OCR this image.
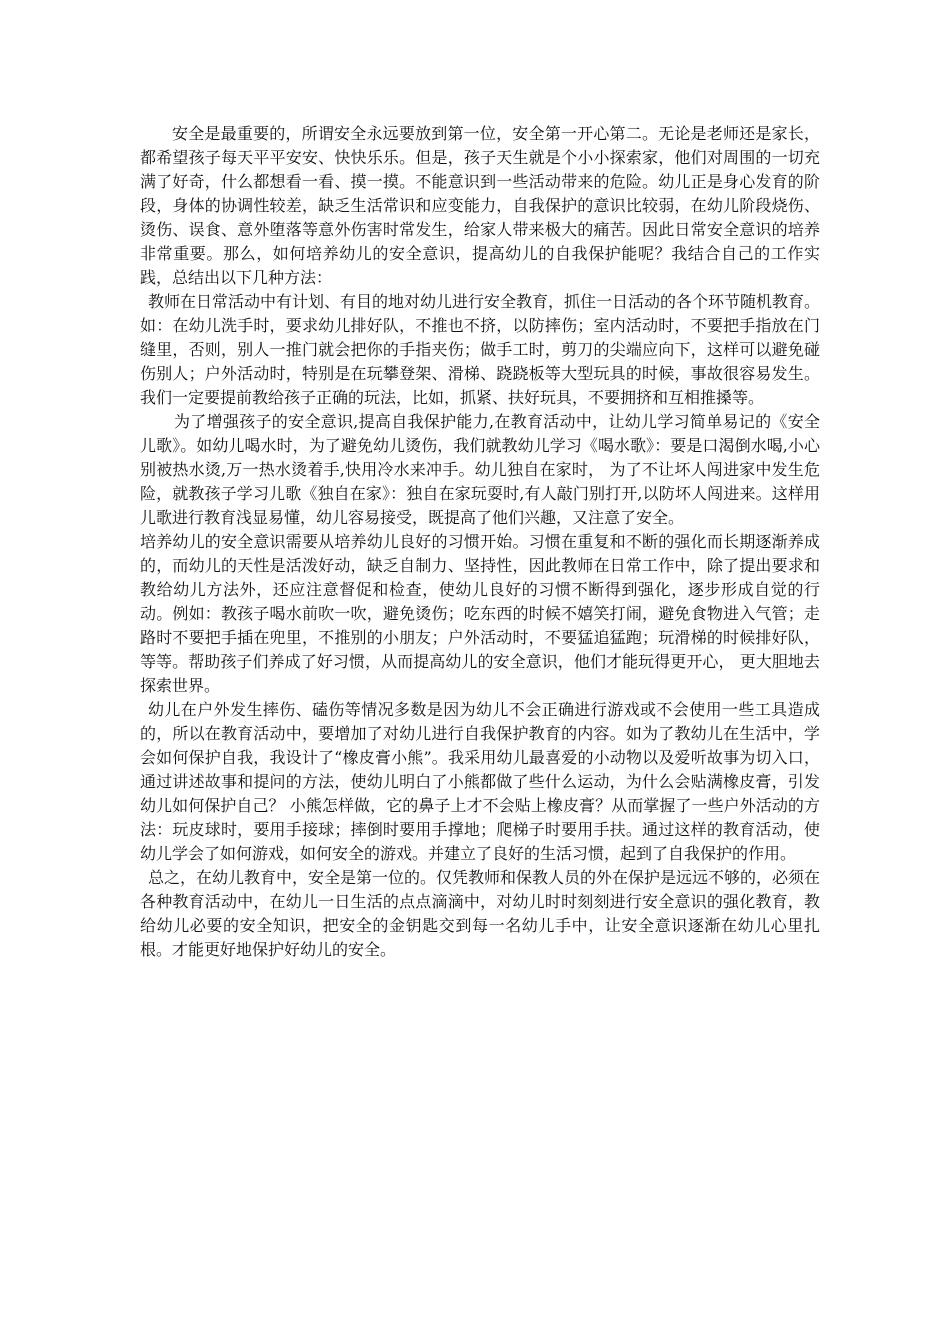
安全是最重要的，所谓安全永远要放到第一位，安全第一开心第二。无论是老师还是家长，都希望孩子每天平平安安、快快乐乐。但是，孩子天生就是个小小探索家，他们对周围的一切充满了好奇，什么都想看一看、摸一摸。不能意识到一些活动带来的危险。幼儿正是身心发育的阶段，身体的协调性较差，缺乏生活常识和应变能力，自我保护的意识比较弱，在幼儿阶段烧伤、烫伤、误食、意外堕落等意外伤害时常发生，给家人带来极大的痛苦。因此日常安全意识的培养非常重要。那么，如何培养幼儿的安全意识，提高幼儿的自我保护能呢？我结合自己的工作实践，总结出以下几种方法：

教师在日常活动中有计划、有目的地对幼儿进行安全教育，抓住一日活动的各个环节随机教育。如：在幼儿洗手时，要求幼儿排好队，不推也不挤，以防摔伤；室内活动时，不要把手指放在门缝里，否则，别人一推门就会把你的手指夹伤；做手工时，剪刀的尖端应向下，这样可以避免碰伤别人；户外活动时，特别是在玩攀登架、滑梯、跷跷板等大型玩具的时候，事故很容易发生。我们一定要提前教给孩子正确的玩法，比如，抓紧、扶好玩具，不要拥挤和互相推搡等。

为了增强孩子的安全意识,提高自我保护能力,在教育活动中，让幼儿学习简单易记的《安全儿歌》。如幼儿喝水时，为了避免幼儿烫伤，我们就教幼儿学习《喝水歌》：要是口渴倒水喝,小心别被热水烫,万一热水烫着手,快用冷水来冲手。幼儿独自在家时， 为了不让坏人闯进家中发生危险，就教孩子学习儿歌《独自在家》：独自在家玩耍时,有人敲门别打开,以防坏人闯进来。这样用儿歌进行教育浅显易懂，幼儿容易接受，既提高了他们兴趣，又注意了安全。

培养幼儿的安全意识需要从培养幼儿良好的习惯开始。习惯在重复和不断的强化而长期逐渐养成的，而幼儿的天性是活泼好动，缺乏自制力、坚持性，因此教师在日常工作中，除了提出要求和教给幼儿方法外，还应注意督促和检查，使幼儿良好的习惯不断得到强化，逐步形成自觉的行动。例如：教孩子喝水前吹一吹，避免烫伤；吃东西的时候不嬉笑打闹，避免食物进入气管；走路时不要把手插在兜里，不推别的小朋友；户外活动时，不要猛追猛跑；玩滑梯的时候排好队，等等。帮助孩子们养成了好习惯，从而提高幼儿的安全意识，他们才能玩得更开心， 更大胆地去探索世界。

幼儿在户外发生摔伤、磕伤等情况多数是因为幼儿不会正确进行游戏或不会使用一些工具造成的，所以在教育活动中，要增加了对幼儿进行自我保护教育的内容。如为了教幼儿在生活中，学会如何保护自我，我设计了“橡皮膏小熊”。我采用幼儿最喜爱的小动物以及爱听故事为切入口，通过讲述故事和提问的方法，使幼儿明白了小熊都做了些什么运动，为什么会贴满橡皮膏，引发幼儿如何保护自己？ 小熊怎样做，它的鼻子上才不会贴上橡皮膏？从而掌握了一些户外活动的方法：玩皮球时，要用手接球；摔倒时要用手撑地；爬梯子时要用手扶。通过这样的教育活动，使幼儿学会了如何游戏，如何安全的游戏。并建立了良好的生活习惯，起到了自我保护的作用。

总之，在幼儿教育中，安全是第一位的。仅凭教师和保教人员的外在保护是远远不够的，必须在各种教育活动中，在幼儿一日生活的点点滴滴中，对幼儿时时刻刻进行安全意识的强化教育，教给幼儿必要的安全知识，把安全的金钥匙交到每一名幼儿手中，让安全意识逐渐在幼儿心里扎根。才能更好地保护好幼儿的安全。
